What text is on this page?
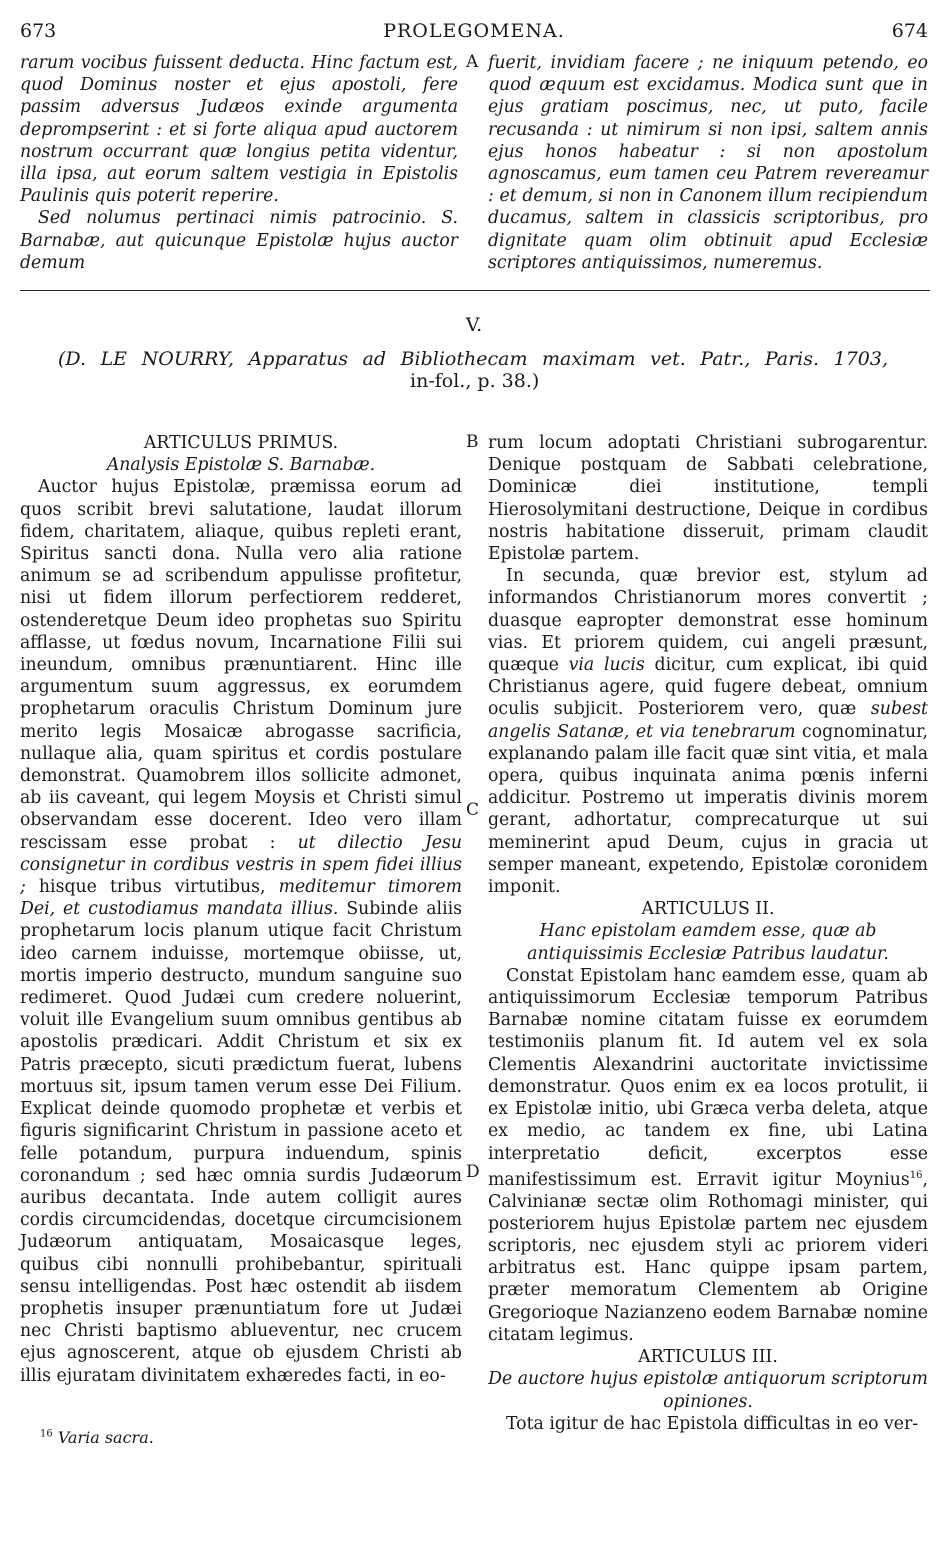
673	PROLEGOMENA.	674

rarum vocibus fuissent deducta. Hinc factum est, quod Dominus noster et ejus apostoli, fere passim adversus Judæos exinde argumenta deprompserint : et si forte aliqua apud auctorem nostrum occurrant quæ longius petita videntur, illa ipsa, aut eorum saltem vestigia in Epistolis Paulinis quis poterit reperire.

Sed nolumus pertinaci nimis patrocinio. S. Barnabæ, aut quicunque Epistolæ hujus auctor demum

A fuerit, invidiam facere ; ne iniquum petendo, eo quod æquum est excidamus. Modica sunt que in ejus gratiam poscimus, nec, ut puto, facile recusanda : ut nimirum si non ipsi, saltem annis ejus honos habeatur : si non apostolum agnoscamus, eum tamen ceu Patrem revereamur : et demum, si non in Canonem illum recipiendum ducamus, saltem in classicis scriptoribus, pro dignitate quam olim obtinuit apud Ecclesiæ scriptores antiquissimos, numeremus.

V.
(D. LE NOURRY, Apparatus ad Bibliothecam maximam vet. Patr., Paris. 1703,
in-fol., p. 38.)

ARTICULUS PRIMUS.

Analysis Epistolæ S. Barnabæ.

Auctor hujus Epistolæ, præmissa eorum ad quos scribit brevi salutatione, laudat illorum fidem, charitatem, aliaque, quibus repleti erant, Spiritus sancti dona. Nulla vero alia ratione animum se ad scribendum appulisse profitetur, nisi ut fidem illorum perfectiorem redderet, ostenderetque Deum ideo prophetas suo Spiritu afflasse, ut fœdus novum, Incarnatione Filii sui ineundum, omnibus prænuntiarent. Hinc ille argumentum suum aggressus, ex eorumdem prophetarum oraculis Christum Dominum jure merito legis Mosaicæ abrogasse sacrificia, nullaque alia, quam spiritus et cordis postulare demonstrat. Quamobrem illos sollicite admonet, ab iis caveant, qui legem Moysis et Christi simul observandam esse docerent. Ideo vero illam rescissam esse probat : ut dilectio Jesu consignetur in cordibus vestris in spem fidei illius ; hisque tribus virtutibus, meditemur timorem Dei, et custodiamus mandata illius. Subinde aliis prophetarum locis planum utique facit Christum ideo carnem induisse, mortemque obiisse, ut, mortis imperio destructo, mundum sanguine suo redimeret. Quod Judæi cum credere noluerint, voluit ille Evangelium suum omnibus gentibus ab apostolis prædicari. Addit Christum et six ex Patris præcepto, sicuti prædictum fuerat, lubens mortuus sit, ipsum tamen verum esse Dei Filium. Explicat deinde quomodo prophetæ et verbis et figuris significarint Christum in passione aceto et felle potandum, purpura induendum, spinis coronandum ; sed hæc omnia surdis Judæorum auribus decantata. Inde autem colligit aures cordis circumcidendas, docetque circumcisionem Judæorum antiquatam, Mosaicasque leges, quibus cibi nonnulli prohibebantur, spirituali sensu intelligendas. Post hæc ostendit ab iisdem prophetis insuper prænuntiatum fore ut Judæi nec Christi baptismo ablueventur, nec crucem ejus agnoscerent, atque ob ejusdem Christi ab illis ejuratam divinitatem exhæredes facti, in eo-

B
C
D

rum locum adoptati Christiani subrogarentur. Denique postquam de Sabbati celebratione, Dominicæ diei institutione, templi Hierosolymitani destructione, Deique in cordibus nostris habitatione disseruit, primam claudit Epistolæ partem.

In secunda, quæ brevior est, stylum ad informandos Christianorum mores convertit ; duasque eapropter demonstrat esse hominum vias. Et priorem quidem, cui angeli præsunt, quæque via lucis dicitur, cum explicat, ibi quid Christianus agere, quid fugere debeat, omnium oculis subjicit. Posteriorem vero, quæ subest angelis Satanæ, et via tenebrarum cognominatur, explanando palam ille facit quæ sint vitia, et mala opera, quibus inquinata anima pœnis inferni addicitur. Postremo ut imperatis divinis morem gerant, adhortatur, comprecaturque ut sui meminerint apud Deum, cujus in gracia ut semper maneant, expetendo, Epistolæ coronidem imponit.

ARTICULUS II.

Hanc epistolam eamdem esse, quæ ab antiquissimis Ecclesiæ Patribus laudatur.

Constat Epistolam hanc eamdem esse, quam ab antiquissimorum Ecclesiæ temporum Patribus Barnabæ nomine citatam fuisse ex eorumdem testimoniis planum fit. Id autem vel ex sola Clementis Alexandrini auctoritate invictissime demonstratur. Quos enim ex ea locos protulit, ii ex Epistolæ initio, ubi Græca verba deleta, atque ex medio, ac tandem ex fine, ubi Latina interpretatio deficit, excerptos esse manifestissimum est. Erravit igitur Moynius$^{16}$, Calvinianæ sectæ olim Rothomagi minister, qui posteriorem hujus Epistolæ partem nec ejusdem scriptoris, nec ejusdem styli ac priorem videri arbitratus est. Hanc quippe ipsam partem, præter memoratum Clementem ab Origine Gregorioque Nazianzeno eodem Barnabæ nomine citatam legimus.

ARTICULUS III.

De auctore hujus epistolæ antiquorum scriptorum opiniones.

Tota igitur de hac Epistola difficultas in eo ver-

$^{16}$ Varia sacra.
